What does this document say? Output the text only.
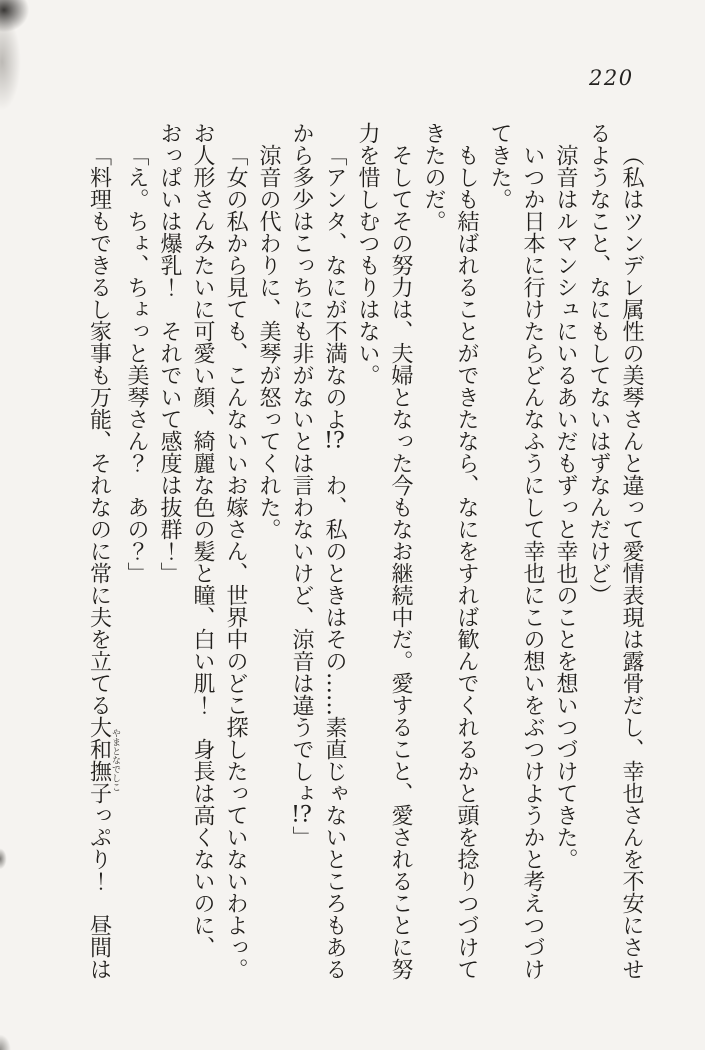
220

（私はツンデレ属性の美琴さんと違って愛情表現は露骨だし、幸也さんを不安にさせるようなこと、なにもしてないはずなんだけど）

涼音はルマンシュにいるあいだもずっと幸也のことを想いつづけてきた。

いつか日本に行けたらどんなふうにして幸也にこの想いをぶつけようかと考えつづけてきた。

もしも結ばれることができたなら、なにをすれば歓んでくれるかと頭を捻りつづけてきたのだ。

そしてその努力は、夫婦となった今もなお継続中だ。愛すること、愛されることに努力を惜しむつもりはない。

「アンタ、なにが不満なのよ!?　わ、私のときはその……素直じゃないところもあるから多少はこっちにも非がないとは言わないけど、涼音は違うでしょ!?」

涼音の代わりに、美琴が怒ってくれた。

「女の私から見ても、こんないいお嫁さん、世界中のどこ探したっていないわよっ。お人形さんみたいに可愛い顔、綺麗な色の髪と瞳、白い肌！　身長は高くないのに、おっぱいは爆乳！　それでいて感度は抜群！」

「え。ちょ、ちょっと美琴さん？　あの？」

「料理もできるし家事も万能、それなのに常に夫を立てる大和撫子やまとなでしこっぷり！　昼間は
